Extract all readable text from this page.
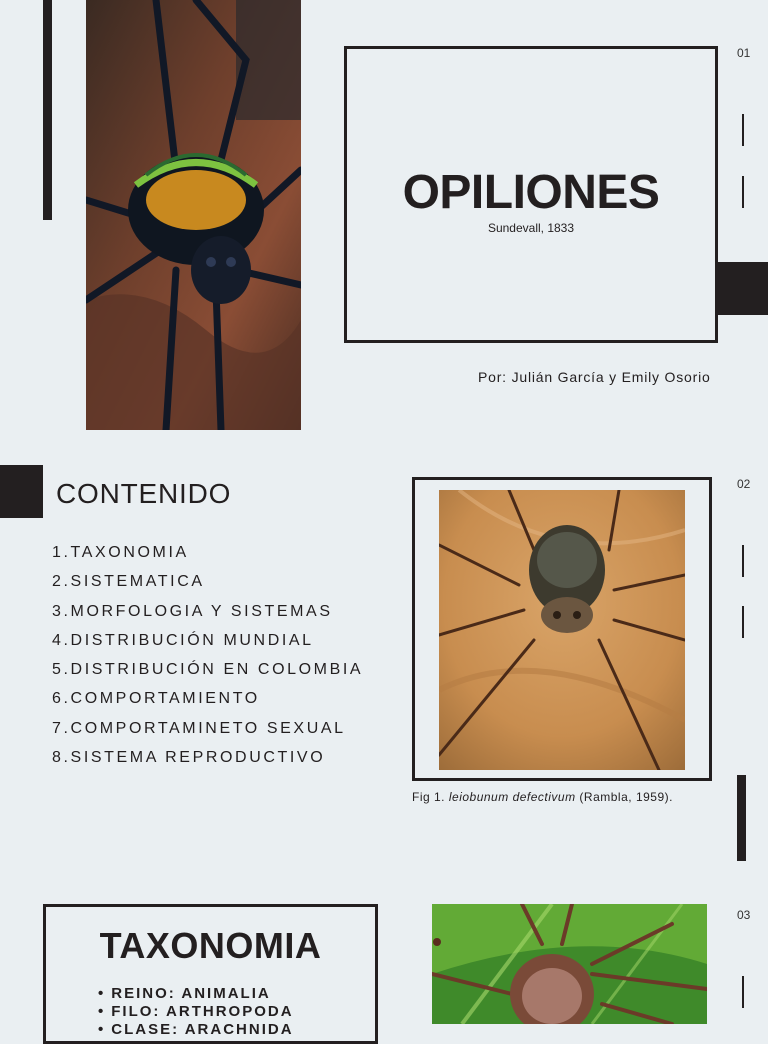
OPILIONES

Sundevall, 1833

01
Por: Julián García y Emily Osorio
CONTENIDO
1.TAXONOMIA
2.SISTEMATICA
3.MORFOLOGIA Y SISTEMAS
4.DISTRIBUCIÓN MUNDIAL
5.DISTRIBUCIÓN EN COLOMBIA
6.COMPORTAMIENTO
7.COMPORTAMINETO SEXUAL
8.SISTEMA REPRODUCTIVO
02
Fig 1. leiobunum defectivum (Rambla, 1959).
TAXONOMIA
• REINO: ANIMALIA
• FILO: ARTHROPODA
• CLASE: ARACHNIDA
03
